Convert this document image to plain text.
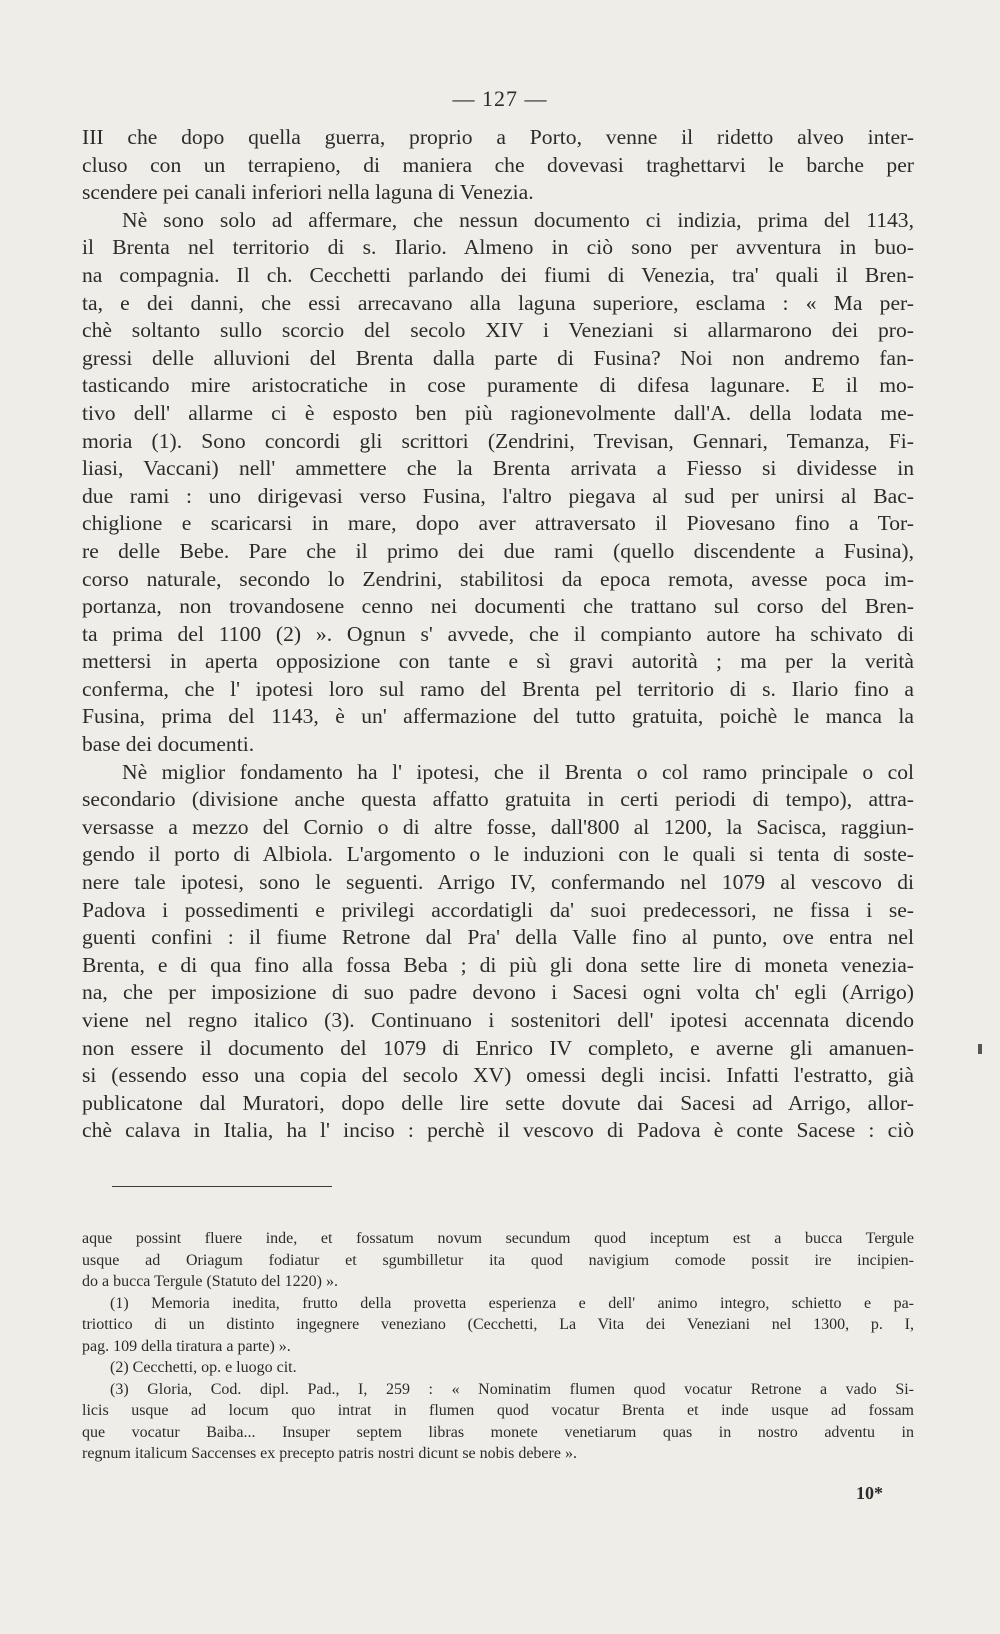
— 127 —
III che dopo quella guerra, proprio a Porto, venne il ridetto alveo inter-
cluso con un terrapieno, di maniera che dovevasi traghettarvi le barche per
scendere pei canali inferiori nella laguna di Venezia.
Nè sono solo ad affermare, che nessun documento ci indizia, prima del 1143,
il Brenta nel territorio di s. Ilario. Almeno in ciò sono per avventura in buo-
na compagnia. Il ch. Cecchetti parlando dei fiumi di Venezia, tra' quali il Bren-
ta, e dei danni, che essi arrecavano alla laguna superiore, esclama : « Ma per-
chè soltanto sullo scorcio del secolo XIV i Veneziani si allarmarono dei pro-
gressi delle alluvioni del Brenta dalla parte di Fusina? Noi non andremo fan-
tasticando mire aristocratiche in cose puramente di difesa lagunare. E il mo-
tivo dell' allarme ci è esposto ben più ragionevolmente dall'A. della lodata me-
moria (1). Sono concordi gli scrittori (Zendrini, Trevisan, Gennari, Temanza, Fi-
liasi, Vaccani) nell' ammettere che la Brenta arrivata a Fiesso si dividesse in
due rami : uno dirigevasi verso Fusina, l'altro piegava al sud per unirsi al Bac-
chiglione e scaricarsi in mare, dopo aver attraversato il Piovesano fino a Tor-
re delle Bebe. Pare che il primo dei due rami (quello discendente a Fusina),
corso naturale, secondo lo Zendrini, stabilitosi da epoca remota, avesse poca im-
portanza, non trovandosene cenno nei documenti che trattano sul corso del Bren-
ta prima del 1100 (2) ». Ognun s' avvede, che il compianto autore ha schivato di
mettersi in aperta opposizione con tante e sì gravi autorità ; ma per la verità
conferma, che l' ipotesi loro sul ramo del Brenta pel territorio di s. Ilario fino a
Fusina, prima del 1143, è un' affermazione del tutto gratuita, poichè le manca la
base dei documenti.
Nè miglior fondamento ha l' ipotesi, che il Brenta o col ramo principale o col
secondario (divisione anche questa affatto gratuita in certi periodi di tempo), attra-
versasse a mezzo del Cornio o di altre fosse, dall'800 al 1200, la Sacisca, raggiun-
gendo il porto di Albiola. L'argomento o le induzioni con le quali si tenta di soste-
nere tale ipotesi, sono le seguenti. Arrigo IV, confermando nel 1079 al vescovo di
Padova i possedimenti e privilegi accordatigli da' suoi predecessori, ne fissa i se-
guenti confini : il fiume Retrone dal Pra' della Valle fino al punto, ove entra nel
Brenta, e di qua fino alla fossa Beba ; di più gli dona sette lire di moneta venezia-
na, che per imposizione di suo padre devono i Sacesi ogni volta ch' egli (Arrigo)
viene nel regno italico (3). Continuano i sostenitori dell' ipotesi accennata dicendo
non essere il documento del 1079 di Enrico IV completo, e averne gli amanuen-
si (essendo esso una copia del secolo XV) omessi degli incisi. Infatti l'estratto, già
publicatone dal Muratori, dopo delle lire sette dovute dai Sacesi ad Arrigo, allor-
chè calava in Italia, ha l' inciso : perchè il vescovo di Padova è conte Sacese : ciò
aque possint fluere inde, et fossatum novum secundum quod inceptum est a bucca Tergule
usque ad Oriagum fodiatur et sgumbilletur ita quod navigium comode possit ire incipien-
do a bucca Tergule (Statuto del 1220) ».
(1) Memoria inedita, frutto della provetta esperienza e dell' animo integro, schietto e pa-
triottico di un distinto ingegnere veneziano (Cecchetti, La Vita dei Veneziani nel 1300, p. I,
pag. 109 della tiratura a parte) ».
(2) Cecchetti, op. e luogo cit.
(3) Gloria, Cod. dipl. Pad., I, 259 : « Nominatim flumen quod vocatur Retrone a vado Si-
licis usque ad locum quo intrat in flumen quod vocatur Brenta et inde usque ad fossam
que vocatur Baiba... Insuper septem libras monete venetiarum quas in nostro adventu in
regnum italicum Saccenses ex precepto patris nostri dicunt se nobis debere ».
10*
